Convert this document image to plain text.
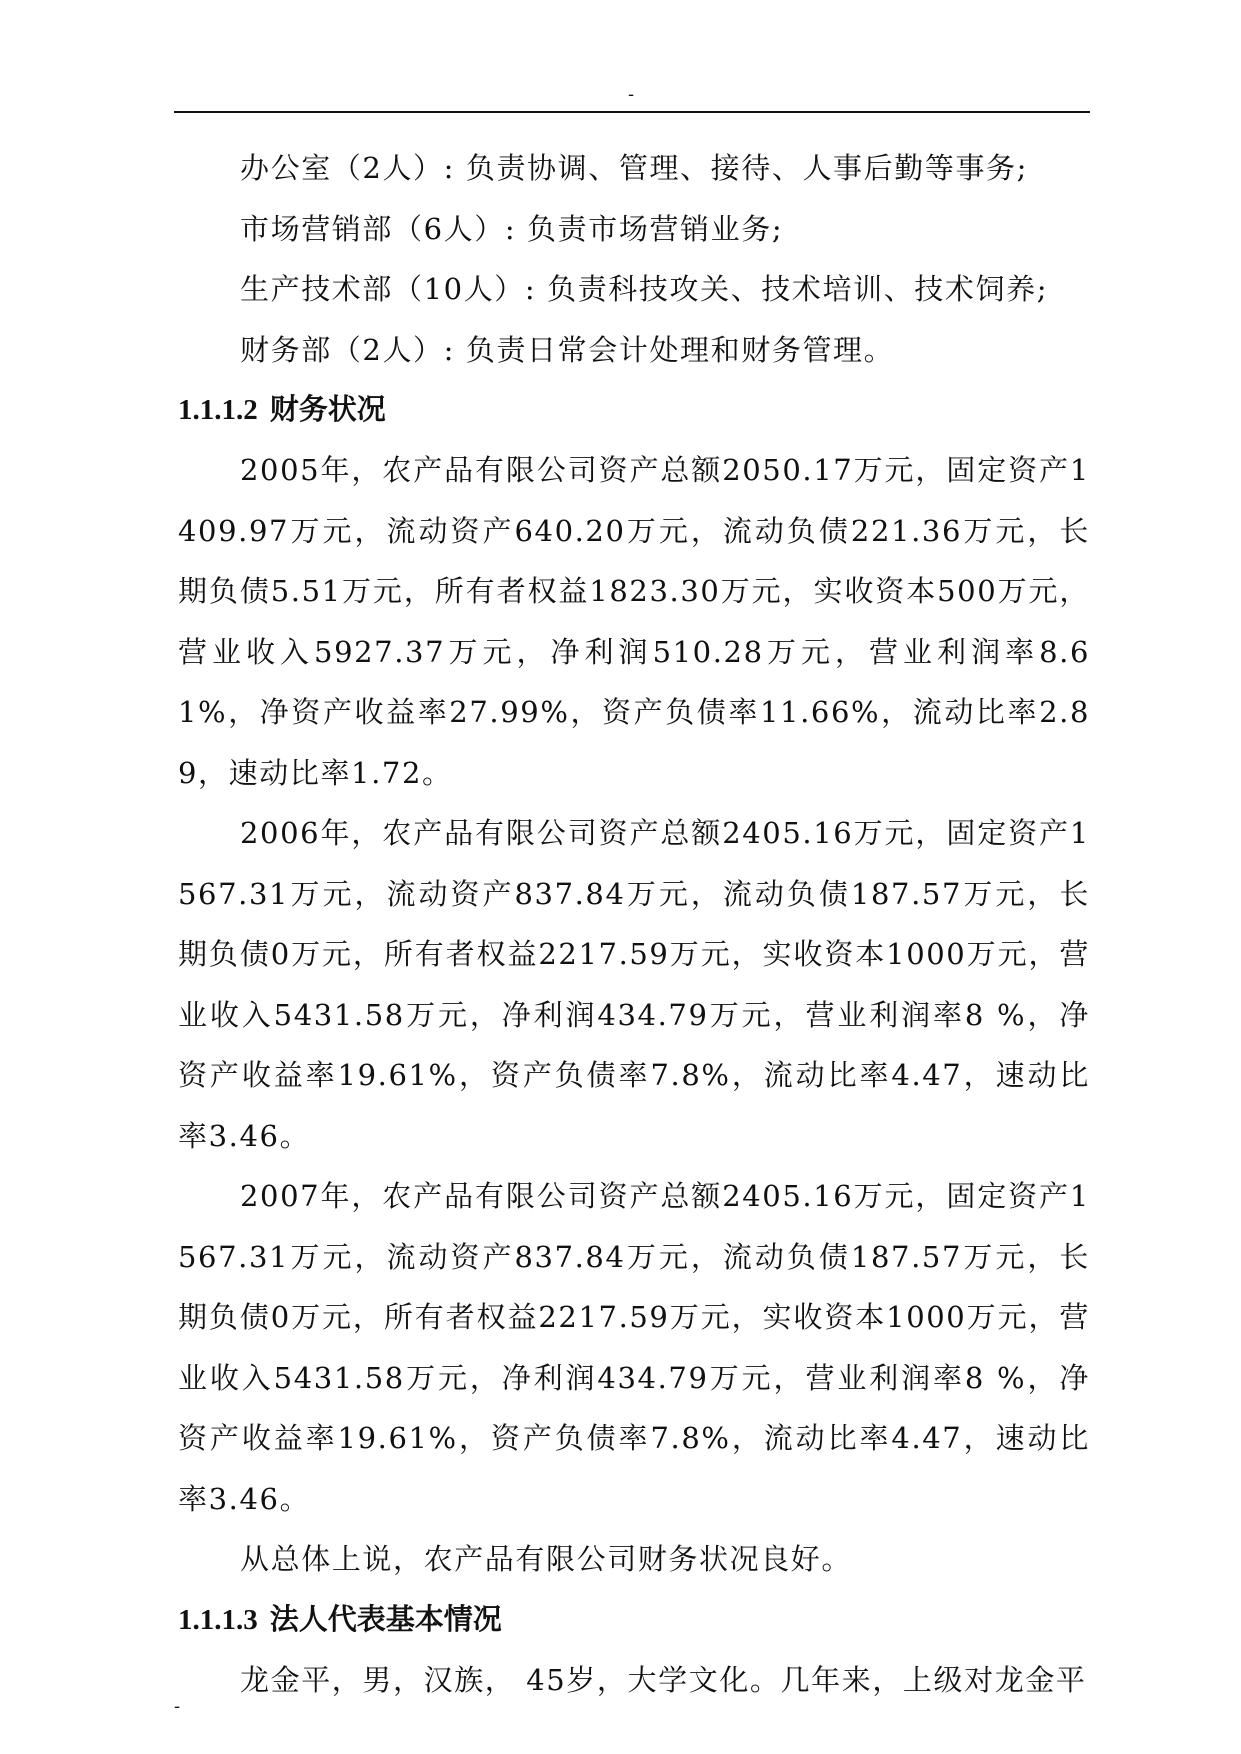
-

办公室（2人）: 负责协调、管理、接待、人事后勤等事务;

市场营销部（6人）: 负责市场营销业务;

生产技术部（10人）: 负责科技攻关、技术培训、技术饲养;

财务部（2人）: 负责日常会计处理和财务管理。

1.1.1.2 财务状况

2005年，农产品有限公司资产总额2050.17万元，固定资产1409.97万元，流动资产640.20万元，流动负债221.36万元，长期负债5.51万元，所有者权益1823.30万元，实收资本500万元，营业收入5927.37万元，净利润510.28万元，营业利润率8.61%，净资产收益率27.99%，资产负债率11.66%，流动比率2.89，速动比率1.72。

2006年，农产品有限公司资产总额2405.16万元，固定资产1567.31万元，流动资产837.84万元，流动负债187.57万元，长期负债0万元，所有者权益2217.59万元，实收资本1000万元，营业收入5431.58万元，净利润434.79万元，营业利润率8 %，净资产收益率19.61%，资产负债率7.8%，流动比率4.47，速动比率3.46。

2007年，农产品有限公司资产总额2405.16万元，固定资产1567.31万元，流动资产837.84万元，流动负债187.57万元，长期负债0万元，所有者权益2217.59万元，实收资本1000万元，营业收入5431.58万元，净利润434.79万元，营业利润率8 %，净资产收益率19.61%，资产负债率7.8%，流动比率4.47，速动比率3.46。

从总体上说，农产品有限公司财务状况良好。

1.1.1.3 法人代表基本情况

龙金平，男，汉族， 45岁，大学文化。几年来，上级对龙金平

-
